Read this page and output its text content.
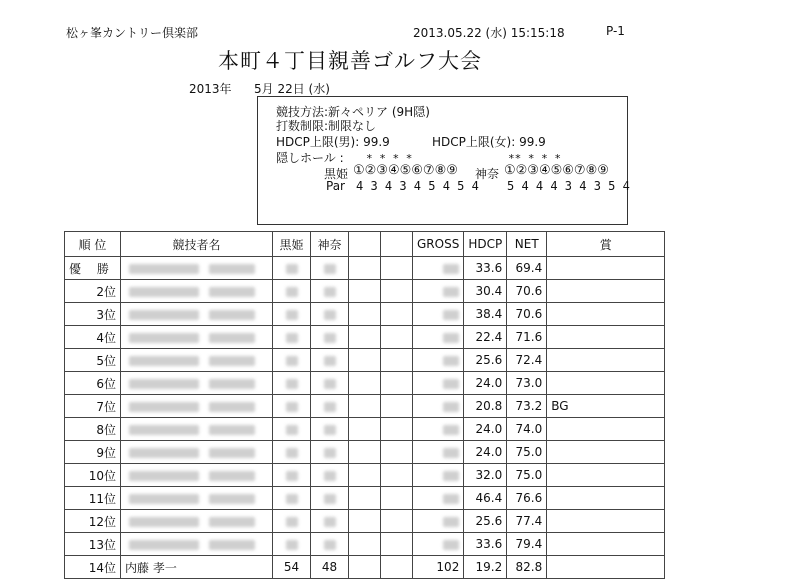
松ヶ峯カントリー倶楽部	2013.05.22 (水) 15:15:18	P-1
本町４丁目親善ゴルフ大会
2013年 5月 22日 (水)
競技方法:新々ペリア (9H隠)
打数制限:制限なし
HDCP上限(男): 99.9	HDCP上限(女): 99.9
隠しホール : * * * *
黒姫 ①②③④⑤⑥⑦⑧⑨
Par 4 3 4 3 4 5 4 5 4
** * * *
神奈 ①②③④⑤⑥⑦⑧⑨
5 4 4 4 3 4 3 5 4
順 位	競技者名	黒姫	神奈			GROSS	HDCP	NET	賞
優 勝							33.6	69.4	
2位							30.4	70.6	
3位							38.4	70.6	
4位							22.4	71.6	
5位							25.6	72.4	
6位							24.0	73.0	
7位							20.8	73.2	BG
8位							24.0	74.0	
9位							24.0	75.0	
10位							32.0	75.0	
11位							46.4	76.6	
12位							25.6	77.4	
13位							33.6	79.4	
14位	内藤 孝一	54	48			102	19.2	82.8	
